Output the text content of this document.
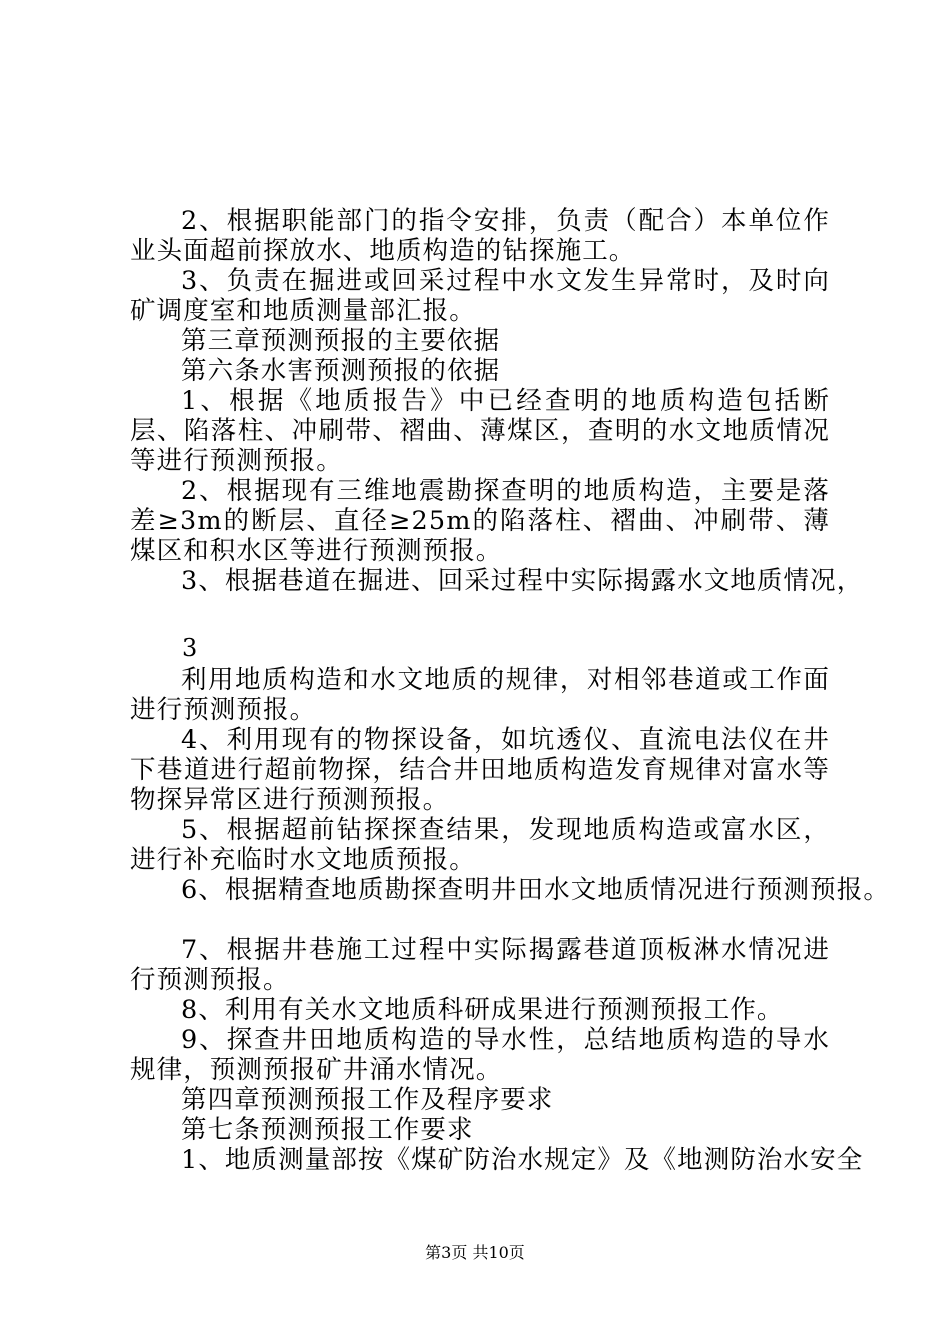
2、根据职能部门的指令安排，负责（配合）本单位作业头面超前探放水、地质构造的钻探施工。

3、负责在掘进或回采过程中水文发生异常时，及时向矿调度室和地质测量部汇报。

第三章预测预报的主要依据

第六条水害预测预报的依据

1、根据《地质报告》中已经查明的地质构造包括断层、陷落柱、冲刷带、褶曲、薄煤区，查明的水文地质情况等进行预测预报。

2、根据现有三维地震勘探查明的地质构造，主要是落差≥3m的断层、直径≥25m的陷落柱、褶曲、冲刷带、薄煤区和积水区等进行预测预报。

3、根据巷道在掘进、回采过程中实际揭露水文地质情况，

3

利用地质构造和水文地质的规律，对相邻巷道或工作面进行预测预报。

4、利用现有的物探设备，如坑透仪、直流电法仪在井下巷道进行超前物探，结合井田地质构造发育规律对富水等物探异常区进行预测预报。

5、根据超前钻探探查结果，发现地质构造或富水区，进行补充临时水文地质预报。

6、根据精查地质勘探查明井田水文地质情况进行预测预报。

7、根据井巷施工过程中实际揭露巷道顶板淋水情况进行预测预报。

8、利用有关水文地质科研成果进行预测预报工作。

9、探查井田地质构造的导水性，总结地质构造的导水规律，预测预报矿井涌水情况。

第四章预测预报工作及程序要求

第七条预测预报工作要求

1、地质测量部按《煤矿防治水规定》及《地测防治水安全

第3页 共10页
